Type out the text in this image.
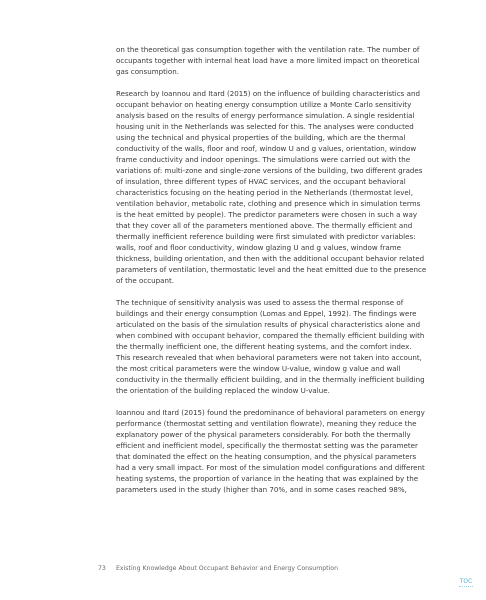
on the theoretical gas consumption together with the ventilation rate. The number of
occupants together with internal heat load have a more limited impact on theoretical
gas consumption.
Research by Ioannou and Itard (2015) on the influence of building characteristics and
occupant behavior on heating energy consumption utilize a Monte Carlo sensitivity
analysis based on the results of energy performance simulation. A single residential
housing unit in the Netherlands was selected for this. The analyses were conducted
using the technical and physical properties of the building, which are the thermal
conductivity of the walls, floor and roof, window U and g values, orientation, window
frame conductivity and indoor openings. The simulations were carried out with the
variations of: multi-zone and single-zone versions of the building, two different grades
of insulation, three different types of HVAC services, and the occupant behavioral
characteristics focusing on the heating period in the Netherlands (thermostat level,
ventilation behavior, metabolic rate, clothing and presence which in simulation terms
is the heat emitted by people). The predictor parameters were chosen in such a way
that they cover all of the parameters mentioned above. The thermally efficient and
thermally inefficient reference building were first simulated with predictor variables:
walls, roof and floor conductivity, window glazing U and g values, window frame
thickness, building orientation, and then with the additional occupant behavior related
parameters of ventilation, thermostatic level and the heat emitted due to the presence
of the occupant.
The technique of sensitivity analysis was used to assess the thermal response of
buildings and their energy consumption (Lomas and Eppel, 1992). The findings were
articulated on the basis of the simulation results of physical characteristics alone and
when combined with occupant behavior, compared the themally efficient building with
the thermally inefficient one, the different heating systems, and the comfort index.
This research revealed that when behavioral parameters were not taken into account,
the most critical parameters were the window U-value, window g value and wall
conductivity in the thermally efficient building, and in the thermally inefficient building
the orientation of the building replaced the window U-value.
Ioannou and Itard (2015) found the predominance of behavioral parameters on energy
performance (thermostat setting and ventilation flowrate), meaning they reduce the
explanatory power of the physical parameters considerably. For both the thermally
efficient and inefficient model, specifically the thermostat setting was the parameter
that dominated the effect on the heating consumption, and the physical parameters
had a very small impact. For most of the simulation model configurations and different
heating systems, the proportion of variance in the heating that was explained by the
parameters used in the study (higher than 70%, and in some cases reached 98%,
73 Existing Knowledge About Occupant Behavior and Energy Consumption
TOC
